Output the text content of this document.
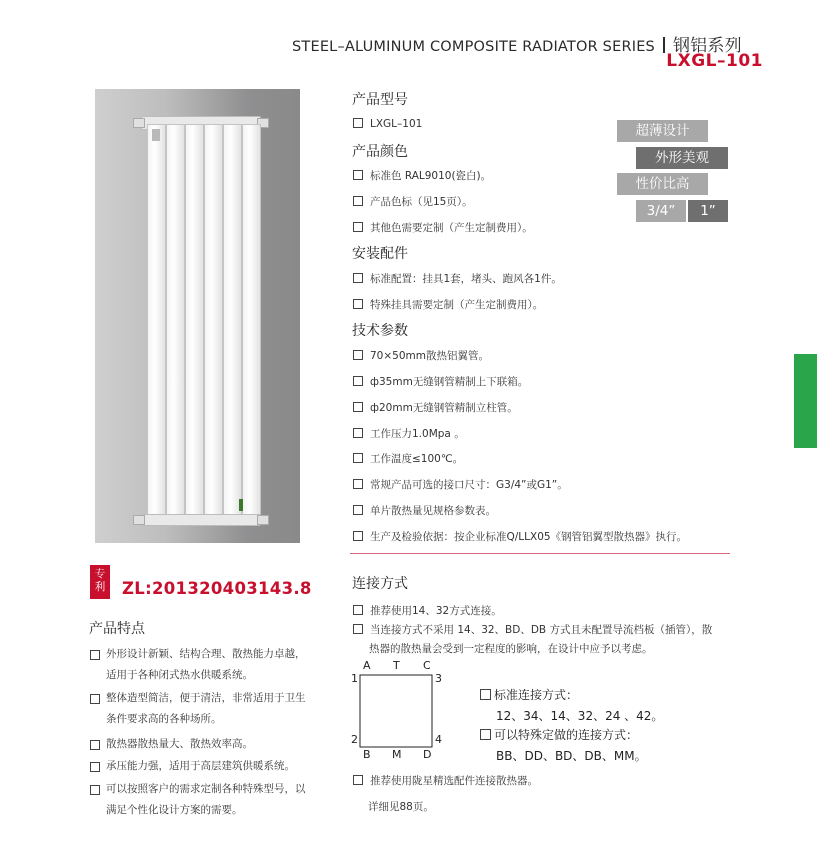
STEEL–ALUMINUM COMPOSITE RADIATOR SERIES 钢铝系列
LXGL–101
超薄设计
外形美观
性价比高
3/4”	1”
产品型号
LXGL–101
产品颜色
标准色 RAL9010(瓷白)。
产品色标（见15页）。
其他色需要定制（产生定制费用）。
安装配件
标准配置：挂具1套，堵头、跑风各1件。
特殊挂具需要定制（产生定制费用）。
技术参数
70×50mm散热铝翼管。
ф35mm无缝钢管精制上下联箱。
ф20mm无缝钢管精制立柱管。
工作压力1.0Mpa 。
工作温度≤100℃。
常规产品可选的接口尺寸：G3/4”或G1”。
单片散热量见规格参数表。
生产及检验依据：按企业标准Q/LLX05《钢管铝翼型散热器》执行。
连接方式
推荐使用14、32方式连接。
当连接方式不采用 14、32、BD、DB 方式且未配置导流档板（插管），散
热器的散热量会受到一定程度的影响，在设计中应予以考虑。
A T C
1	3
2	4
B M D
标准连接方式：
12、34、14、32、24 、42。
可以特殊定做的连接方式：
BB、DD、BD、DB、MM。
推荐使用陇星精选配件连接散热器。
详细见88页。
专
利 ZL:201320403143.8
产品特点
外形设计新颖、结构合理、散热能力卓越，
适用于各种闭式热水供暖系统。
整体造型简洁，便于清洁，非常适用于卫生
条件要求高的各种场所。
散热器散热量大、散热效率高。
承压能力强，适用于高层建筑供暖系统。
可以按照客户的需求定制各种特殊型号，以
满足个性化设计方案的需要。
